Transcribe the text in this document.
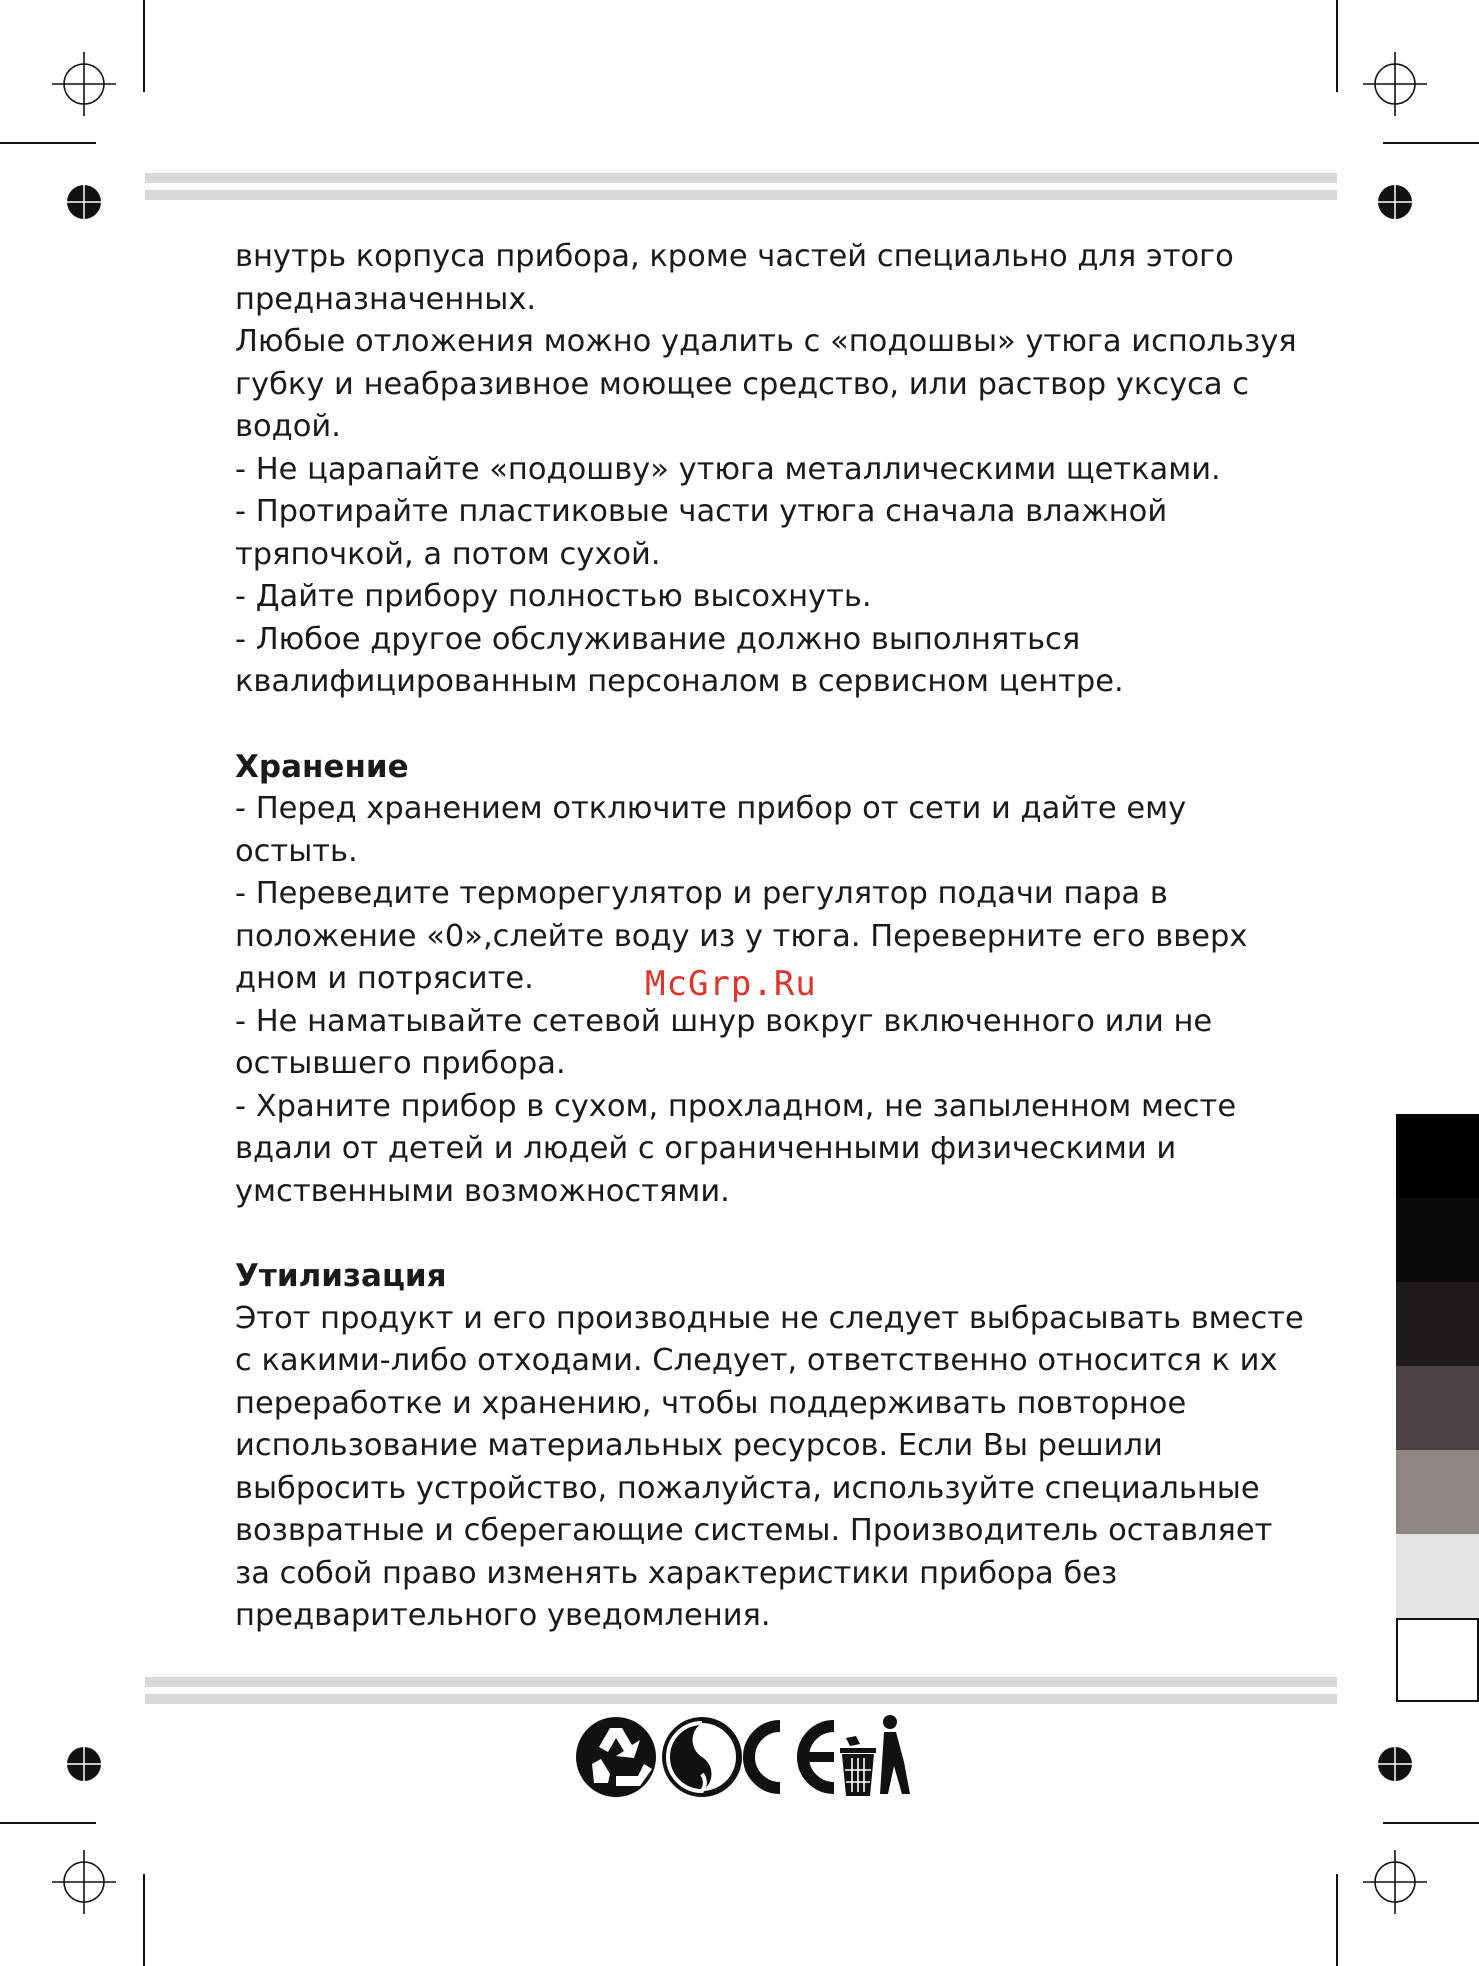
внутрь корпуса прибора, кроме частей специально для этого

предназначенных.

Любые отложения можно удалить с «подошвы» утюга используя

губку и неабразивное моющее средство, или раствор уксуса с

водой.

- Не царапайте «подошву» утюга металлическими щетками.

- Протирайте пластиковые части утюга сначала влажной

тряпочкой, а потом сухой.

- Дайте прибору полностью высохнуть.

- Любое другое обслуживание должно выполняться

квалифицированным персоналом в сервисном центре.

Хранение

- Перед хранением отключите прибор от сети и дайте ему

остыть.

- Переведите терморегулятор и регулятор подачи пара в

положение «0»,слейте воду из у тюга. Переверните его вверх

дном и потрясите.

- Не наматывайте сетевой шнур вокруг включенного или не

остывшего прибора.

- Храните прибор в сухом, прохладном, не запыленном месте

вдали от детей и людей с ограниченными физическими и

умственными возможностями.

Утилизация

Этот продукт и его производные не следует выбрасывать вместе

с какими-либо отходами. Следует, ответственно относится к их

переработке и хранению, чтобы поддерживать повторное

использование материальных ресурсов. Если Вы решили

выбросить устройство, пожалуйста, используйте специальные

возвратные и сберегающие системы. Производитель оставляет

за собой право изменять характеристики прибора без

предварительного уведомления.

McGrp.Ru
